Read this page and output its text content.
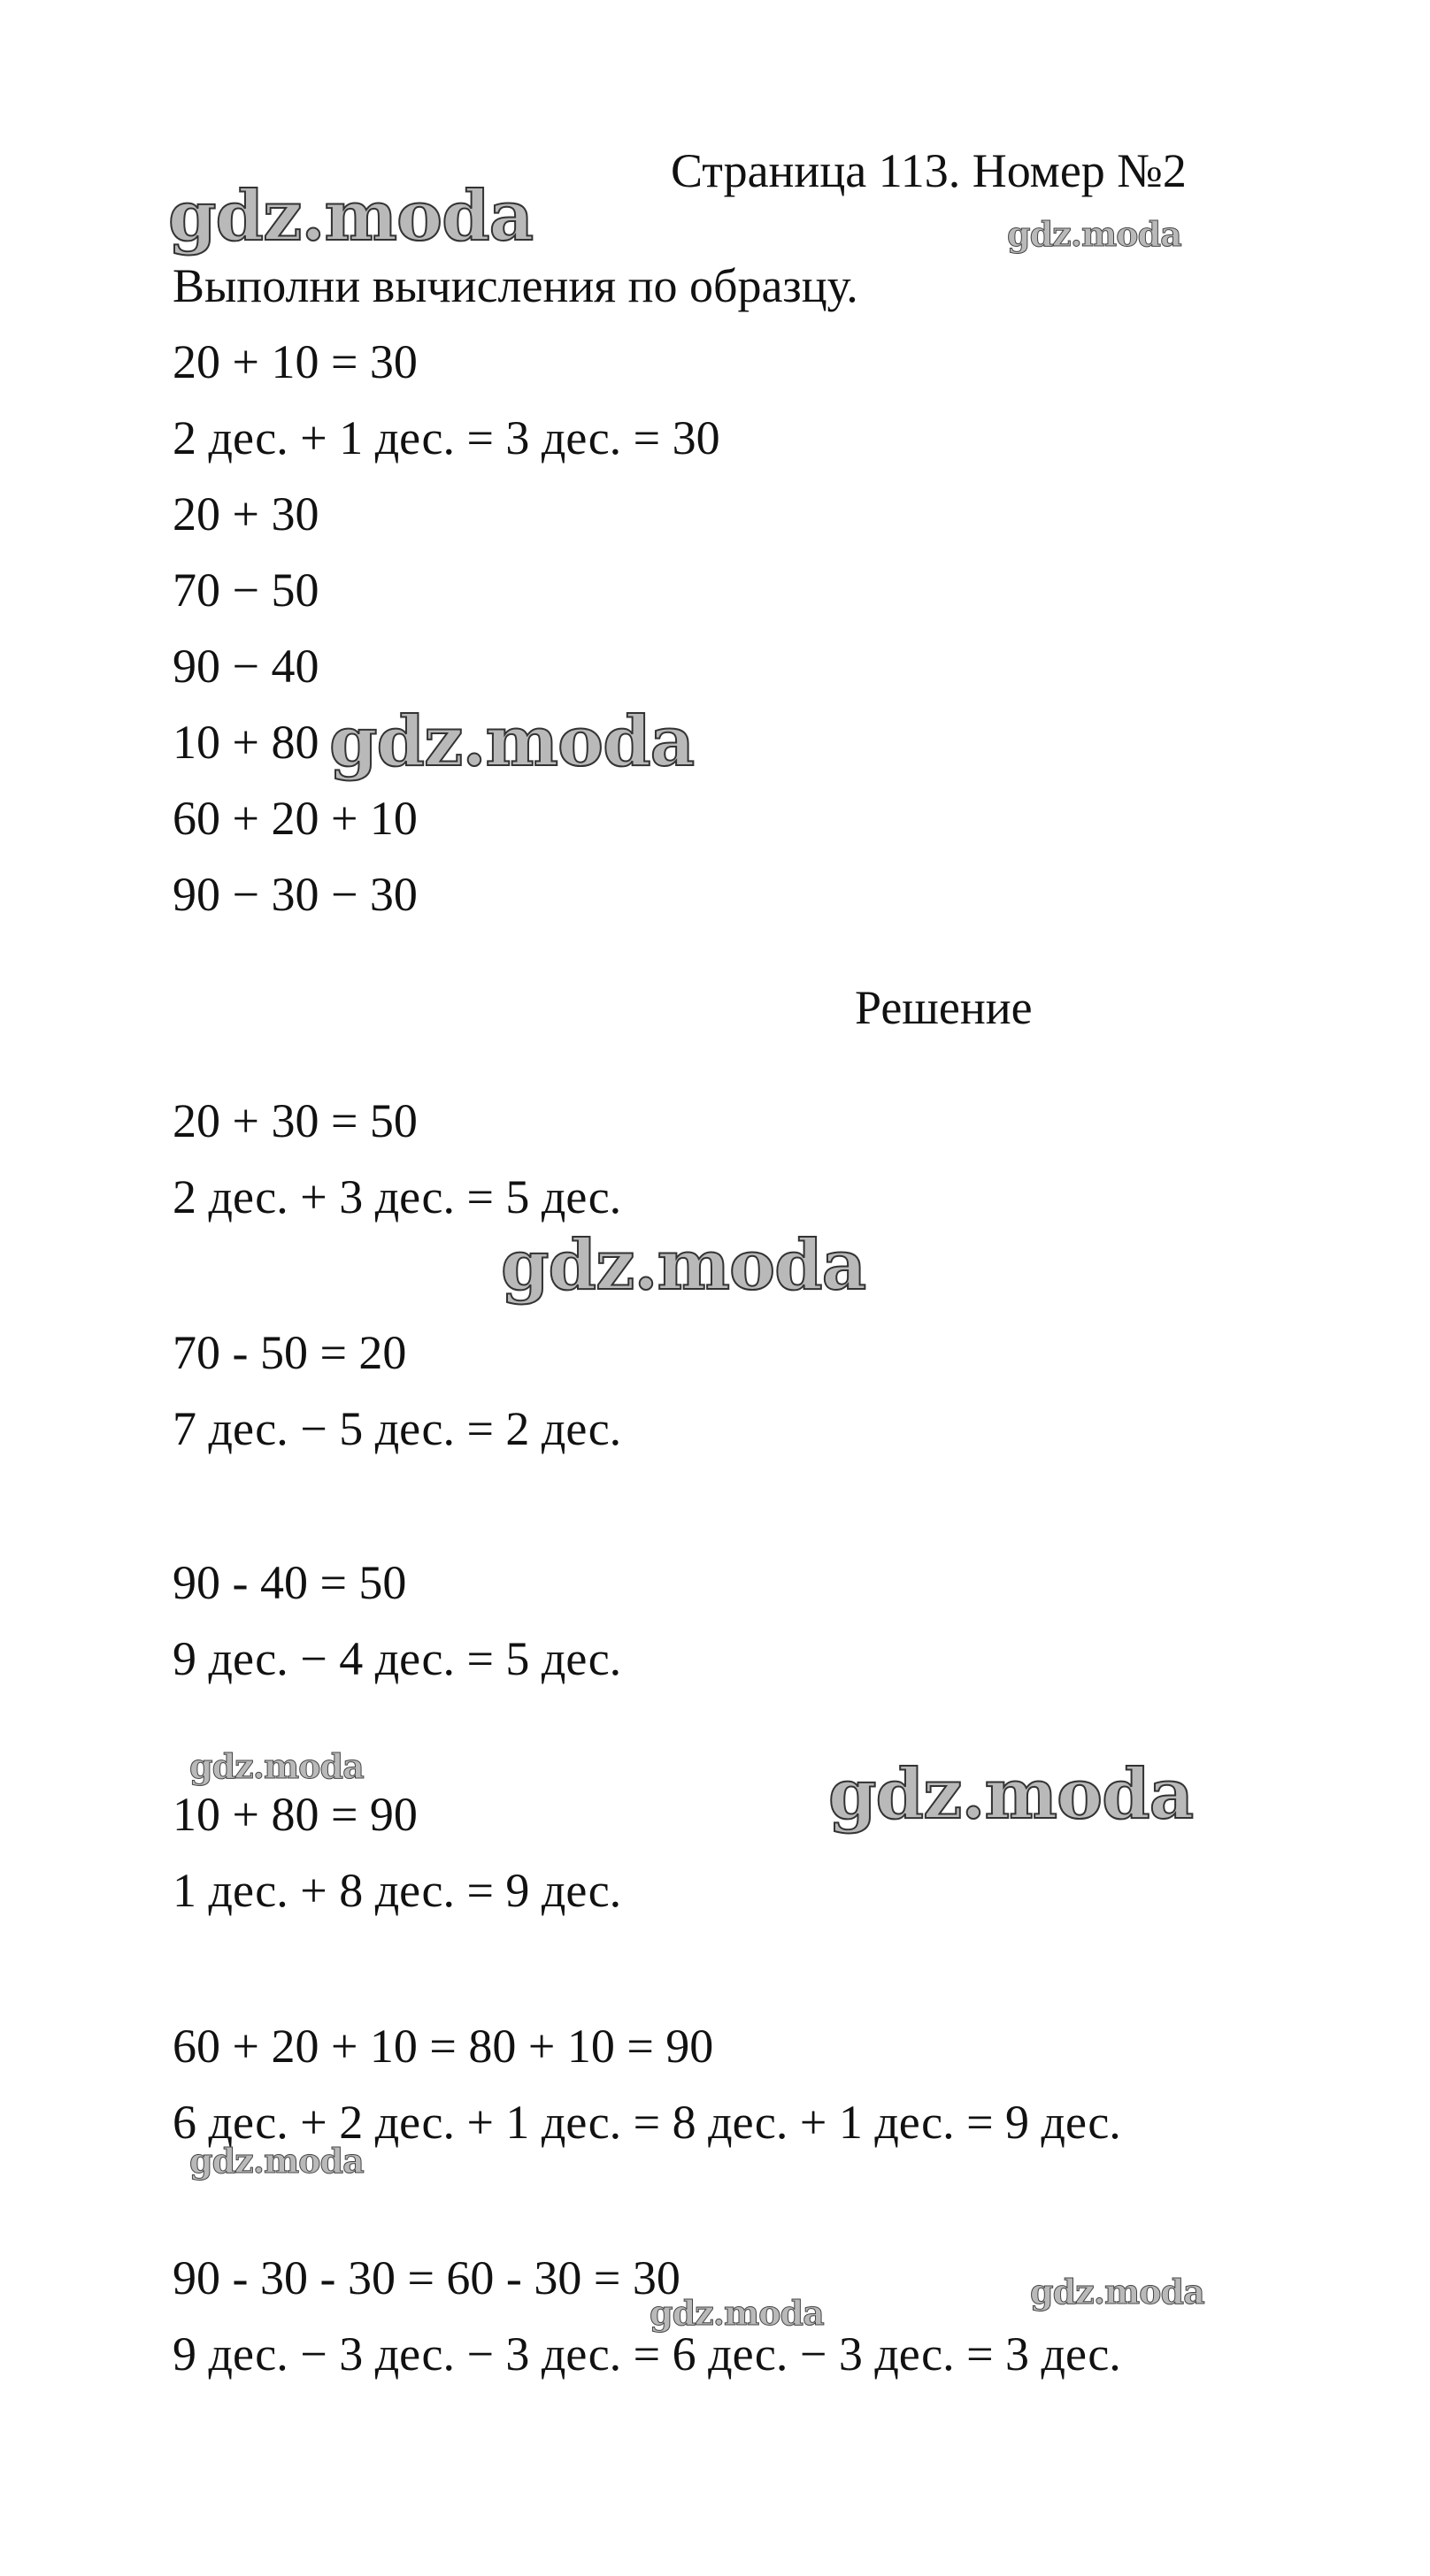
Страница 113. Номер №2
Выполни вычисления по образцу.
20 + 10 = 30
2 дес. + 1 дес. = 3 дес. = 30
20 + 30
70 − 50
90 − 40
10 + 80
60 + 20 + 10
90 − 30 − 30
Решение
20 + 30 = 50
2 дес. + 3 дес. = 5 дес.
70 - 50 = 20
7 дес. − 5 дес. = 2 дес.
90 - 40 = 50
9 дес. − 4 дес. = 5 дес.
10 + 80 = 90
1 дес. + 8 дес. = 9 дес.
60 + 20 + 10 = 80 + 10 = 90
6 дес. + 2 дес. + 1 дес. = 8 дес. + 1 дес. = 9 дес.
90 - 30 - 30 = 60 - 30 = 30
9 дес. − 3 дес. − 3 дес. = 6 дес. − 3 дес. = 3 дес.
gdz.moda	gdz.moda
gdz.moda
gdz.moda
gdz.moda	gdz.moda
gdz.moda
gdz.moda
gdz.moda
